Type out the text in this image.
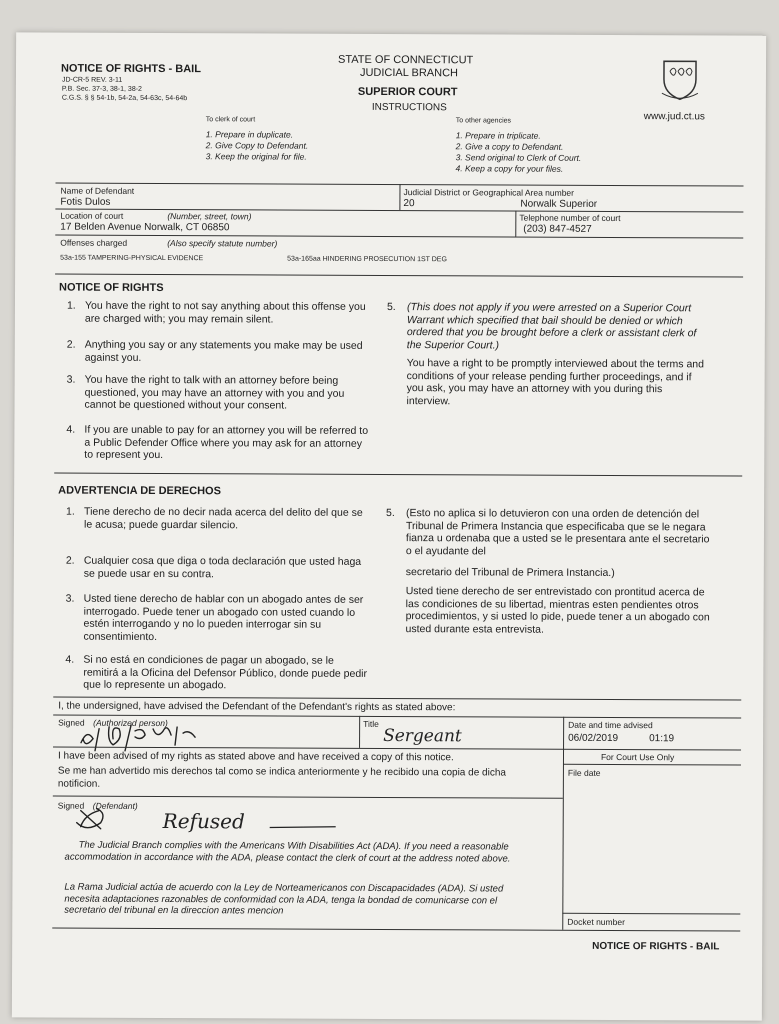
NOTICE OF RIGHTS - BAIL
JD-CR-5 REV. 3-11
P.B. Sec. 37-3, 38-1, 38-2
C.G.S. § § 54-1b, 54-2a, 54-63c, 54-64b
STATE OF CONNECTICUT
JUDICIAL BRANCH
SUPERIOR COURT
INSTRUCTIONS
www.jud.ct.us
To clerk of court
1. Prepare in duplicate.
2. Give Copy to Defendant.
3. Keep the original for file.
To other agencies
1. Prepare in triplicate.
2. Give a copy to Defendant.
3. Send original to Clerk of Court.
4. Keep a copy for your files.
Name of Defendant
Fotis Dulos
Judicial District or Geographical Area number
20	Norwalk Superior
Location of court	(Number, street, town)
17 Belden Avenue Norwalk, CT 06850
Telephone number of court
(203) 847-4527
Offenses charged	(Also specify statute number)
53a-155 TAMPERING-PHYSICAL EVIDENCE	53a-165aa HINDERING PROSECUTION 1ST DEG
NOTICE OF RIGHTS
1. You have the right to not say anything about this offense you are charged with; you may remain silent.
2. Anything you say or any statements you make may be used against you.
3. You have the right to talk with an attorney before being questioned, you may have an attorney with you and you cannot be questioned without your consent.
4. If you are unable to pay for an attorney you will be referred to a Public Defender Office where you may ask for an attorney to represent you.
5. (This does not apply if you were arrested on a Superior Court Warrant which specified that bail should be denied or which ordered that you be brought before a clerk or assistant clerk of the Superior Court.)
You have a right to be promptly interviewed about the terms and conditions of your release pending further proceedings, and if you ask, you may have an attorney with you during this interview.
ADVERTENCIA DE DERECHOS
1. Tiene derecho de no decir nada acerca del delito del que se le acusa; puede guardar silencio.
2. Cualquier cosa que diga o toda declaración que usted haga se puede usar en su contra.
3. Usted tiene derecho de hablar con un abogado antes de ser interrogado. Puede tener un abogado con usted cuando lo estén interrogando y no lo pueden interrogar sin su consentimiento.
4. Si no está en condiciones de pagar un abogado, se le remitirá a la Oficina del Defensor Público, donde puede pedir que lo represente un abogado.
5. (Esto no aplica si lo detuvieron con una orden de detención del Tribunal de Primera Instancia que especificaba que se le negara fianza u ordenaba que a usted se le presentara ante el secretario o el ayudante del
secretario del Tribunal de Primera Instancia.)
Usted tiene derecho de ser entrevistado con prontitud acerca de las condiciones de su libertad, mientras esten pendientes otros procedimientos, y si usted lo pide, puede tener a un abogado con usted durante esta entrevista.
I, the undersigned, have advised the Defendant of the Defendant's rights as stated above:
Signed (Authorized person)	Title
Sergeant
Date and time advised
06/02/2019	01:19
For Court Use Only
File date
I have been advised of my rights as stated above and have received a copy of this notice.
Se me han advertido mis derechos tal como se indica anteriormente y he recibido una copia de dicha notificion.
Signed (Defendant)
Refused
The Judicial Branch complies with the Americans With Disabilities Act (ADA). If you need a reasonable accommodation in accordance with the ADA, please contact the clerk of court at the address noted above.
La Rama Judicial actúa de acuerdo con la Ley de Norteamericanos con Discapacidades (ADA). Si usted necesita adaptaciones razonables de conformidad con la ADA, tenga la bondad de comunicarse con el secretario del tribunal en la direccion antes mencion
Docket number
NOTICE OF RIGHTS - BAIL
